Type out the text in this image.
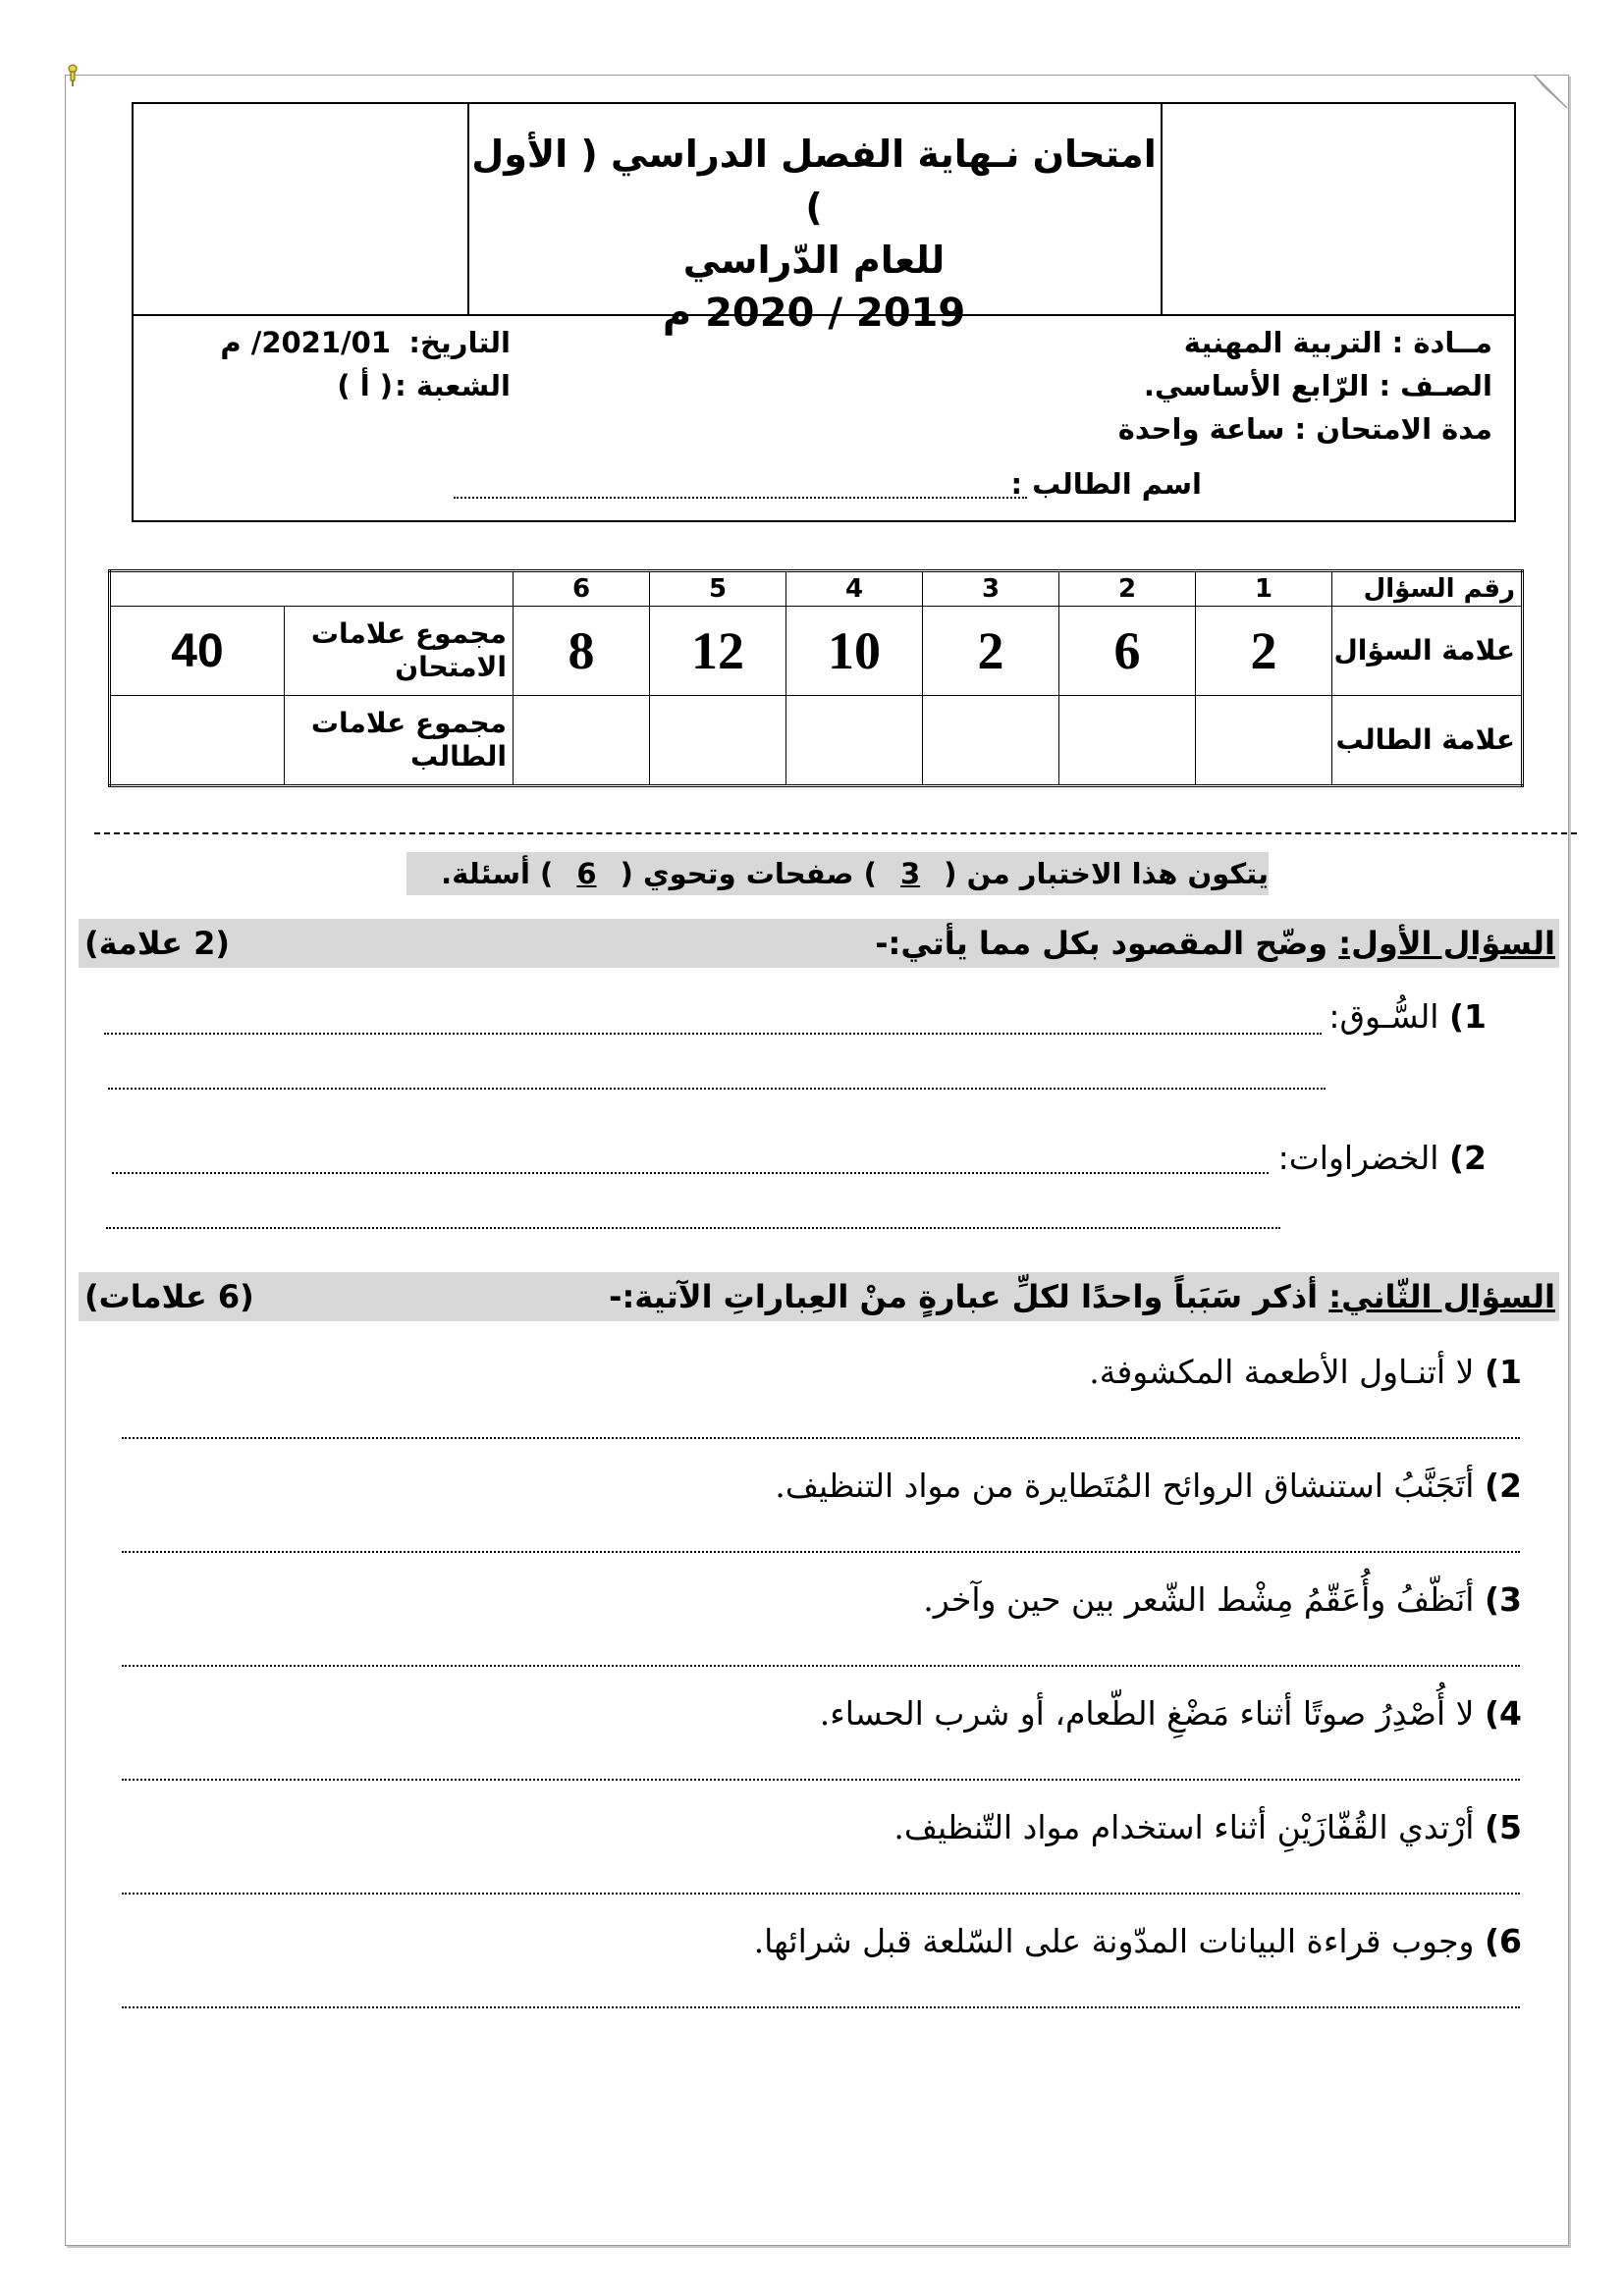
امتحان نـهاية الفصل الدراسي ( الأول )
للعام الدّراسي
2019 / 2020 م
مــادة : التربية المهنية
الصـف : الرّابع الأساسي.
مدة الامتحان : ساعة واحدة
اسم الطالب :
التاريخ:
2021/01/ م
الشعبة :
( أ )
رقم السؤال	1	2	3	4	5	6		
علامة السؤال	2	6	2	10	12	8	مجموع علامات الامتحان	40
علامة الطالب							مجموع علامات الطالب	
يتكون هذا الاختبار من ( 3 ) صفحات وتحوي ( 6 ) أسئلة.
السؤال الأول: وضّح المقصود بكل مما يأتي:-
(2 علامة)
1) السُّـوق:
2) الخضراوات:
السؤال الثّاني: أذكر سَبَباً واحدًا لكلِّ عبارةٍ منْ العِباراتِ الآتية:-
(6 علامات)
1) لا أتنـاول الأطعمة المكشوفة.
2) أتَجَنَّبُ استنشاق الروائح المُتَطايرة من مواد التنظيف.
3) أنَظّفُ وأُعَقّمُ مِشْط الشّعر بين حين وآخر.
4) لا أُصْدِرُ صوتًا أثناء مَضْغِ الطّعام، أو شرب الحساء.
5) أرْتدي القُفّازَيْنِ أثناء استخدام مواد التّنظيف.
6) وجوب قراءة البيانات المدّونة على السّلعة قبل شرائها.
